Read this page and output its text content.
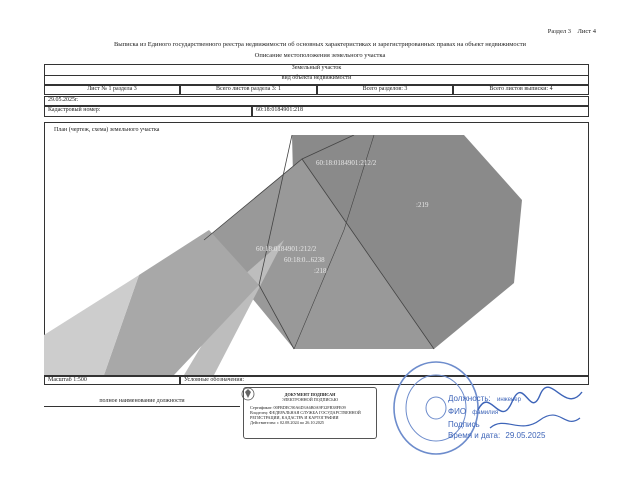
Раздел 3 Лист 4
Выписка из Единого государственного реестра недвижимости об основных характеристиках и зарегистрированных правах на объект недвижимости
Описание местоположения земельного участка
Земельный участок
вид объекта недвижимости
Лист № 1 раздела 3	Всего листов раздела 3: 1	Всего разделов: 3	Всего листов выписки: 4
29.05.2025г.
Кадастровый номер:	60:18:0184901:218
План (чертеж, схема) земельного участка
60:18:0184901:212/2
:219
60:18:0184901:212/2
60:18:0...6238
:218
Масштаб 1:500	Условные обозначения:
полное наименование должности
ДОКУМЕНТ ПОДПИСАН
ЭЛЕКТРОННОЙ ПОДПИСЬЮ
Сертификат: 00FBDEC90A6D3A6B0A9F32FB38FE09
Владелец: ФЕДЕРАЛЬНАЯ СЛУЖБА ГОСУДАРСТВЕННОЙ
РЕГИСТРАЦИИ, КАДАСТРА И КАРТОГРАФИИ
Действителен: с 02.08.2024 по 26.10.2025
Должность: инженер
ФИО фамилия
Подпись
Время и дата: 29.05.2025
